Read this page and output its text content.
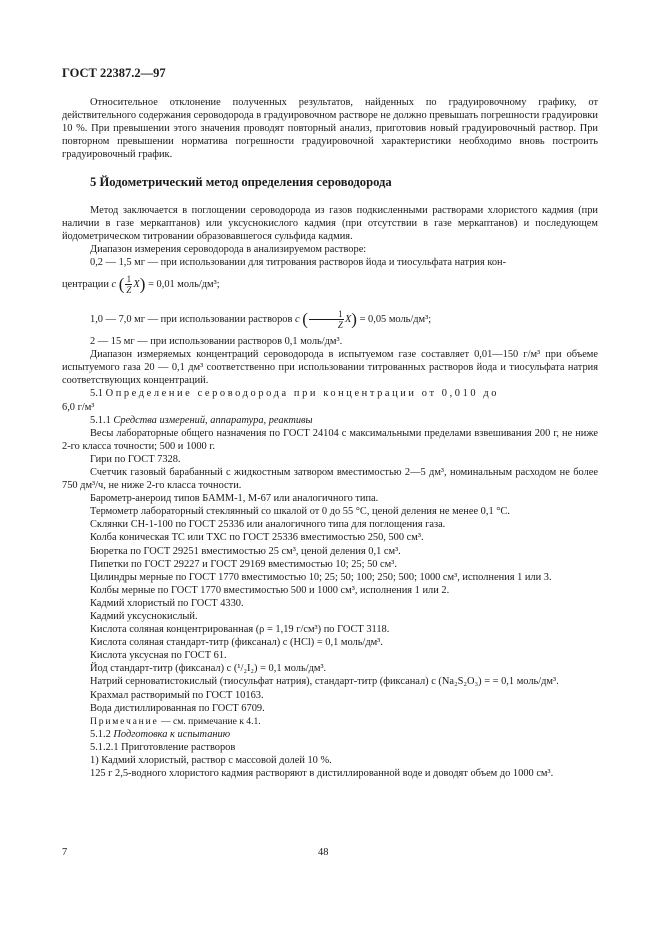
ГОСТ 22387.2—97

Относительное отклонение полученных результатов, найденных по градуировочному графику, от действительного содержания сероводорода в градуировочном растворе не должно превышать погрешности градуировки 10 %. При превышении этого значения проводят повторный анализ, приготовив новый градуировочный раствор. При повторном превышении норматива погрешности градуировочной характеристики необходимо вновь построить градуировочный график.

5 Йодометрический метод определения сероводорода

Метод заключается в поглощении сероводорода из газов подкисленными растворами хлористого кадмия (при наличии в газе меркаптанов) или уксуснокислого кадмия (при отсутствии в газе меркаптанов) и последующем йодометрическом титровании образовавшегося сульфида кадмия.

Диапазон измерения сероводорода в анализируемом растворе:

0,2 — 1,5 мг — при использовании для титрования растворов йода и тиосульфата натрия кон-

центрации c ( $\frac{1}{Z} X) = 0,01$ моль/дм³;

1,0 — 7,0 мг — при использовании растворов c ( $\frac{1}{Z} X) = 0,05$ моль/дм³;

2 — 15 мг — при использовании растворов 0,1 моль/дм³.

Диапазон измеряемых концентраций сероводорода в испытуемом газе составляет 0,01—150 г/м³ при объеме испытуемого газа 20 — 0,1 дм³ соответственно при использовании титрованных растворов йода и тиосульфата натрия соответствующих концентраций.

5.1 Определение сероводорода при концентрации от 0,010 до

6,0 г/м³

5.1.1 Средства измерений, аппаратура, реактивы

Весы лабораторные общего назначения по ГОСТ 24104 с максимальными пределами взвешивания 200 г, не ниже 2-го класса точности; 500 и 1000 г.

Гири по ГОСТ 7328.

Счетчик газовый барабанный с жидкостным затвором вместимостью 2—5 дм³, номинальным расходом не более 750 дм³/ч, не ниже 2-го класса точности.

Барометр-анероид типов БАММ-1, М-67 или аналогичного типа.

Термометр лабораторный стеклянный со шкалой от 0 до 55 °С, ценой деления не менее 0,1 °С.

Склянки СН-1-100 по ГОСТ 25336 или аналогичного типа для поглощения газа.

Колба коническая ТС или ТХС по ГОСТ 25336 вместимостью 250, 500 см³.

Бюретка по ГОСТ 29251 вместимостью 25 см³, ценой деления 0,1 см³.

Пипетки по ГОСТ 29227 и ГОСТ 29169 вместимостью 10; 25; 50 см³.

Цилиндры мерные по ГОСТ 1770 вместимостью 10; 25; 50; 100; 250; 500; 1000 см³, исполнения 1 или 3.

Колбы мерные по ГОСТ 1770 вместимостью 500 и 1000 см³, исполнения 1 или 2.

Кадмий хлористый по ГОСТ 4330.

Кадмий уксуснокислый.

Кислота соляная концентрированная (ρ = 1,19 г/см³) по ГОСТ 3118.

Кислота соляная стандарт-титр (фиксанал) с (HCl) = 0,1 моль/дм³.

Кислота уксусная по ГОСТ 61.

Йод стандарт-титр (фиксанал) с (¹/₂I₂) = 0,1 моль/дм³.

Натрий серноватистокислый (тиосульфат натрия), стандарт-титр (фиксанал) с (Na₂S₂O₃) = = 0,1 моль/дм³.

Крахмал растворимый по ГОСТ 10163.

Вода дистиллированная по ГОСТ 6709.

Примечание — см. примечание к 4.1.

5.1.2 Подготовка к испытанию

5.1.2.1 Приготовление растворов

1) Кадмий хлористый, раствор с массовой долей 10 %.

125 г 2,5-водного хлористого кадмия растворяют в дистиллированной воде и доводят объем до 1000 см³.

7	48
